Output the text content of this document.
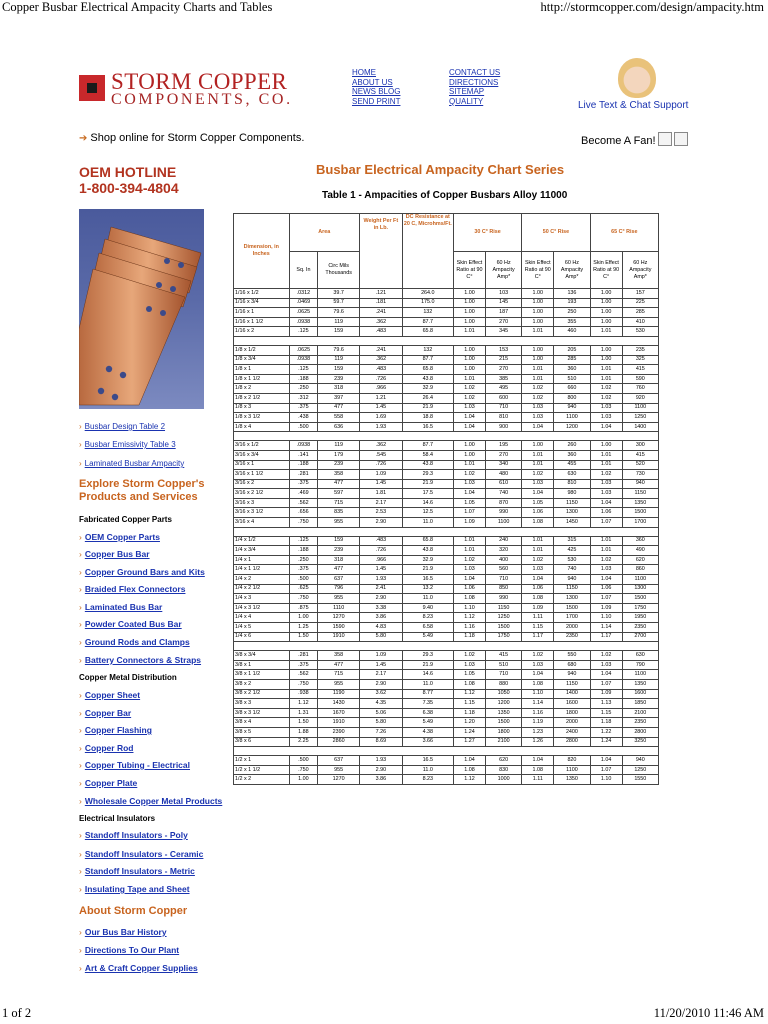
Copper Busbar Electrical Ampacity Charts and Tables	http://stormcopper.com/design/ampacity.htm
STORM COPPER
COMPONENTS, CO.
HOME
ABOUT US
NEWS BLOG
SEND PRINT
CONTACT US
DIRECTIONS
SITEMAP
QUALITY	Live Text & Chat Support
➔ Shop online for Storm Copper Components.	Become A Fan!
OEM HOTLINE
1-800-394-4804
› Busbar Design Table 2
› Busbar Emissivity Table 3
› Laminated Busbar Ampacity
Explore Storm Copper's
Products and Services
Fabricated Copper Parts
› OEM Copper Parts
› Copper Bus Bar
› Copper Ground Bars and Kits
› Braided Flex Connectors
› Laminated Bus Bar
› Powder Coated Bus Bar
› Ground Rods and Clamps
› Battery Connectors & Straps
Copper Metal Distribution
› Copper Sheet
› Copper Bar
› Copper Flashing
› Copper Rod
› Copper Tubing - Electrical
› Copper Plate
› Wholesale Copper Metal Products
Electrical Insulators
› Standoff Insulators - Poly
› Standoff Insulators - Ceramic
› Standoff Insulators - Metric
› Insulating Tape and Sheet
About Storm Copper
› Our Bus Bar History
› Directions To Our Plant
› Art & Craft Copper Supplies
Busbar Electrical Ampacity Chart Series
Table 1 - Ampacities of Copper Busbars Alloy 11000
Dimension, in Inches	Area		Weight Per Ft in Lb.	DC Resistance at 20 C, Microhms/Ft.	30 C° Rise		50 C° Rise		65 C° Rise	
	Sq. In	Circ Mils Thousands			Skin Effect Ratio at 90 C°	60 Hz Ampacity Amp*	Skin Effect Ratio at 90 C°	60 Hz Ampacity Amp*	Skin Effect Ratio at 90 C°	60 Hz Ampacity Amp*
1/16 x 1/2	.0312	39.7	.121	264.0	1.00	103	1.00	136	1.00	157
1/16 x 3/4	.0469	59.7	.181	175.0	1.00	145	1.00	193	1.00	225
1/16 x 1	.0625	79.6	.241	132	1.00	187	1.00	250	1.00	285
1/16 x 1 1/2	.0938	119	.362	87.7	1.00	270	1.00	355	1.00	410
1/16 x 2	.125	159	.483	65.8	1.01	345	1.01	460	1.01	530

1/8 x 1/2	.0625	79.6	.241	132	1.00	153	1.00	205	1.00	235
1/8 x 3/4	.0938	119	.362	87.7	1.00	215	1.00	285	1.00	325
1/8 x 1	.125	159	.483	65.8	1.00	270	1.01	360	1.01	415
1/8 x 1 1/2	.188	239	.726	43.8	1.01	385	1.01	510	1.01	590
1/8 x 2	.250	318	.966	32.9	1.02	495	1.02	660	1.02	760
1/8 x 2 1/2	.312	397	1.21	26.4	1.02	600	1.02	800	1.02	920
1/8 x 3	.375	477	1.45	21.9	1.03	710	1.03	940	1.03	1100
1/8 x 3 1/2	.438	558	1.69	18.8	1.04	810	1.03	1100	1.03	1250
1/8 x 4	.500	636	1.93	16.5	1.04	900	1.04	1200	1.04	1400

3/16 x 1/2	.0938	119	.362	87.7	1.00	195	1.00	260	1.00	300
3/16 x 3/4	.141	179	.545	58.4	1.00	270	1.01	360	1.01	415
3/16 x 1	.188	239	.726	43.8	1.01	340	1.01	455	1.01	520
3/16 x 1 1/2	.281	358	1.09	29.3	1.02	480	1.02	630	1.02	730
3/16 x 2	.375	477	1.45	21.9	1.03	610	1.03	810	1.03	940
3/16 x 2 1/2	.469	597	1.81	17.5	1.04	740	1.04	980	1.03	1150
3/16 x 3	.562	715	2.17	14.6	1.05	870	1.05	1150	1.04	1350
3/16 x 3 1/2	.656	835	2.53	12.5	1.07	990	1.06	1300	1.06	1500
3/16 x 4	.750	955	2.90	11.0	1.09	1100	1.08	1450	1.07	1700

1/4 x 1/2	.125	159	.483	65.8	1.01	240	1.01	315	1.01	360
1/4 x 3/4	.188	239	.726	43.8	1.01	320	1.01	425	1.01	490
1/4 x 1	.250	318	.966	32.9	1.02	400	1.02	530	1.02	620
1/4 x 1 1/2	.375	477	1.45	21.9	1.03	560	1.03	740	1.03	860
1/4 x 2	.500	637	1.93	16.5	1.04	710	1.04	940	1.04	1100
1/4 x 2 1/2	.625	796	2.41	13.2	1.06	850	1.06	1150	1.06	1300
1/4 x 3	.750	955	2.90	11.0	1.08	990	1.08	1300	1.07	1500
1/4 x 3 1/2	.875	1110	3.38	9.40	1.10	1150	1.09	1500	1.09	1750
1/4 x 4	1.00	1270	3.86	8.23	1.12	1250	1.11	1700	1.10	1950
1/4 x 5	1.25	1590	4.83	6.58	1.16	1500	1.15	2000	1.14	2350
1/4 x 6	1.50	1910	5.80	5.49	1.18	1750	1.17	2350	1.17	2700

3/8 x 3/4	.281	358	1.09	29.3	1.02	415	1.02	550	1.02	630
3/8 x 1	.375	477	1.45	21.9	1.03	510	1.03	680	1.03	790
3/8 x 1 1/2	.562	715	2.17	14.6	1.05	710	1.04	940	1.04	1100
3/8 x 2	.750	955	2.90	11.0	1.08	880	1.08	1150	1.07	1350
3/8 x 2 1/2	.938	1190	3.62	8.77	1.12	1050	1.10	1400	1.09	1600
3/8 x 3	1.12	1430	4.35	7.35	1.15	1200	1.14	1600	1.13	1850
3/8 x 3 1/2	1.31	1670	5.06	6.38	1.18	1350	1.16	1800	1.15	2100
3/8 x 4	1.50	1910	5.80	5.49	1.20	1500	1.19	2000	1.18	2350
3/8 x 5	1.88	2390	7.26	4.38	1.24	1800	1.23	2400	1.22	2800
3/8 x 6	2.25	2860	8.69	3.66	1.27	2100	1.26	2800	1.24	3250

1/2 x 1	.500	637	1.93	16.5	1.04	620	1.04	820	1.04	940
1/2 x 1 1/2	.750	955	2.90	11.0	1.08	830	1.08	1100	1.07	1250
1/2 x 2	1.00	1270	3.86	8.23	1.12	1000	1.11	1350	1.10	1550
1 of 2	11/20/2010 11:46 AM
